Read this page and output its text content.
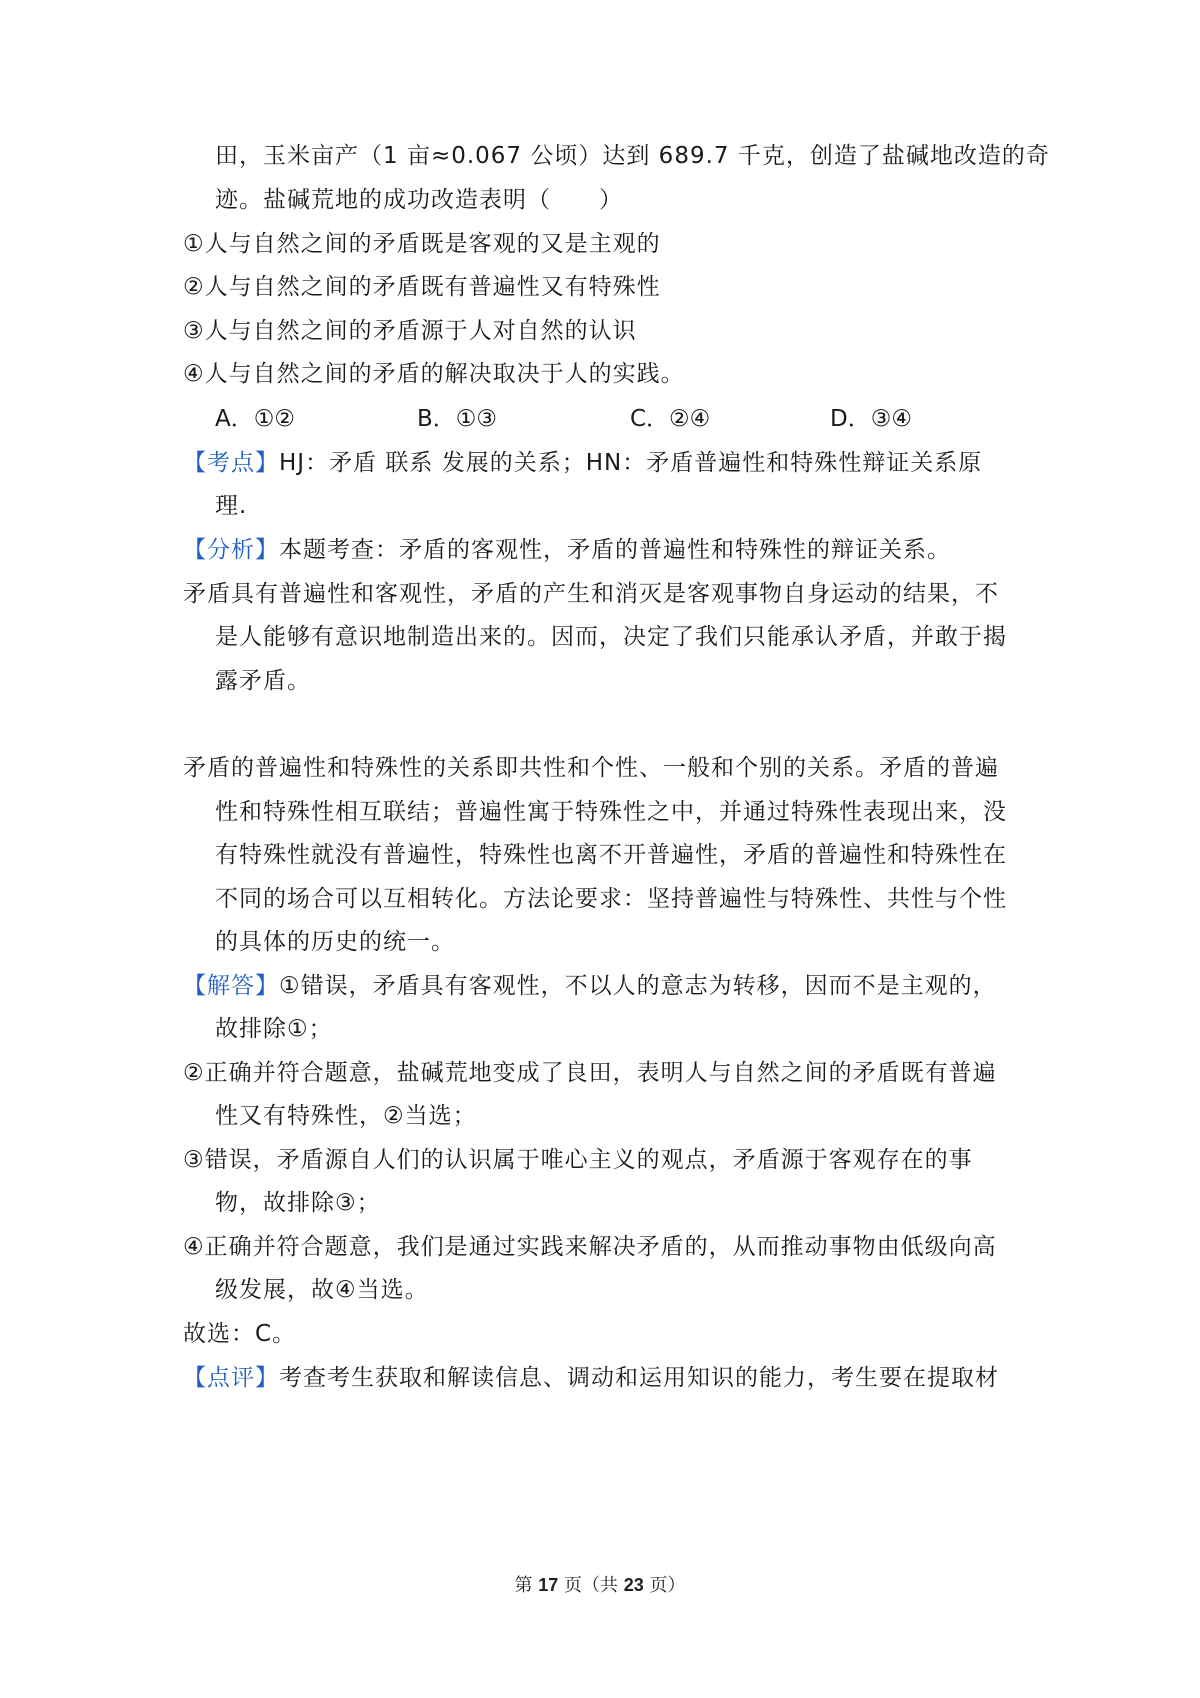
田，玉米亩产（1 亩≈0.067 公顷）达到 689.7 千克，创造了盐碱地改造的奇
迹。盐碱荒地的成功改造表明（　　）
①人与自然之间的矛盾既是客观的又是主观的
②人与自然之间的矛盾既有普遍性又有特殊性
③人与自然之间的矛盾源于人对自然的认识
④人与自然之间的矛盾的解决取决于人的实践。
A．①②	B．①③	C．②④	D．③④
【考点】HJ：矛盾 联系 发展的关系；HN：矛盾普遍性和特殊性辩证关系原
理.
【分析】本题考查：矛盾的客观性，矛盾的普遍性和特殊性的辩证关系。
矛盾具有普遍性和客观性，矛盾的产生和消灭是客观事物自身运动的结果，不
是人能够有意识地制造出来的。因而，决定了我们只能承认矛盾，并敢于揭
露矛盾。
矛盾的普遍性和特殊性的关系即共性和个性、一般和个别的关系。矛盾的普遍
性和特殊性相互联结；普遍性寓于特殊性之中，并通过特殊性表现出来，没
有特殊性就没有普遍性，特殊性也离不开普遍性，矛盾的普遍性和特殊性在
不同的场合可以互相转化。方法论要求：坚持普遍性与特殊性、共性与个性
的具体的历史的统一。
【解答】①错误，矛盾具有客观性，不以人的意志为转移，因而不是主观的，
故排除①；
②正确并符合题意，盐碱荒地变成了良田，表明人与自然之间的矛盾既有普遍
性又有特殊性，②当选；
③错误，矛盾源自人们的认识属于唯心主义的观点，矛盾源于客观存在的事
物，故排除③；
④正确并符合题意，我们是通过实践来解决矛盾的，从而推动事物由低级向高
级发展，故④当选。
故选：C。
【点评】考查考生获取和解读信息、调动和运用知识的能力，考生要在提取材
第 17 页（共 23 页）
